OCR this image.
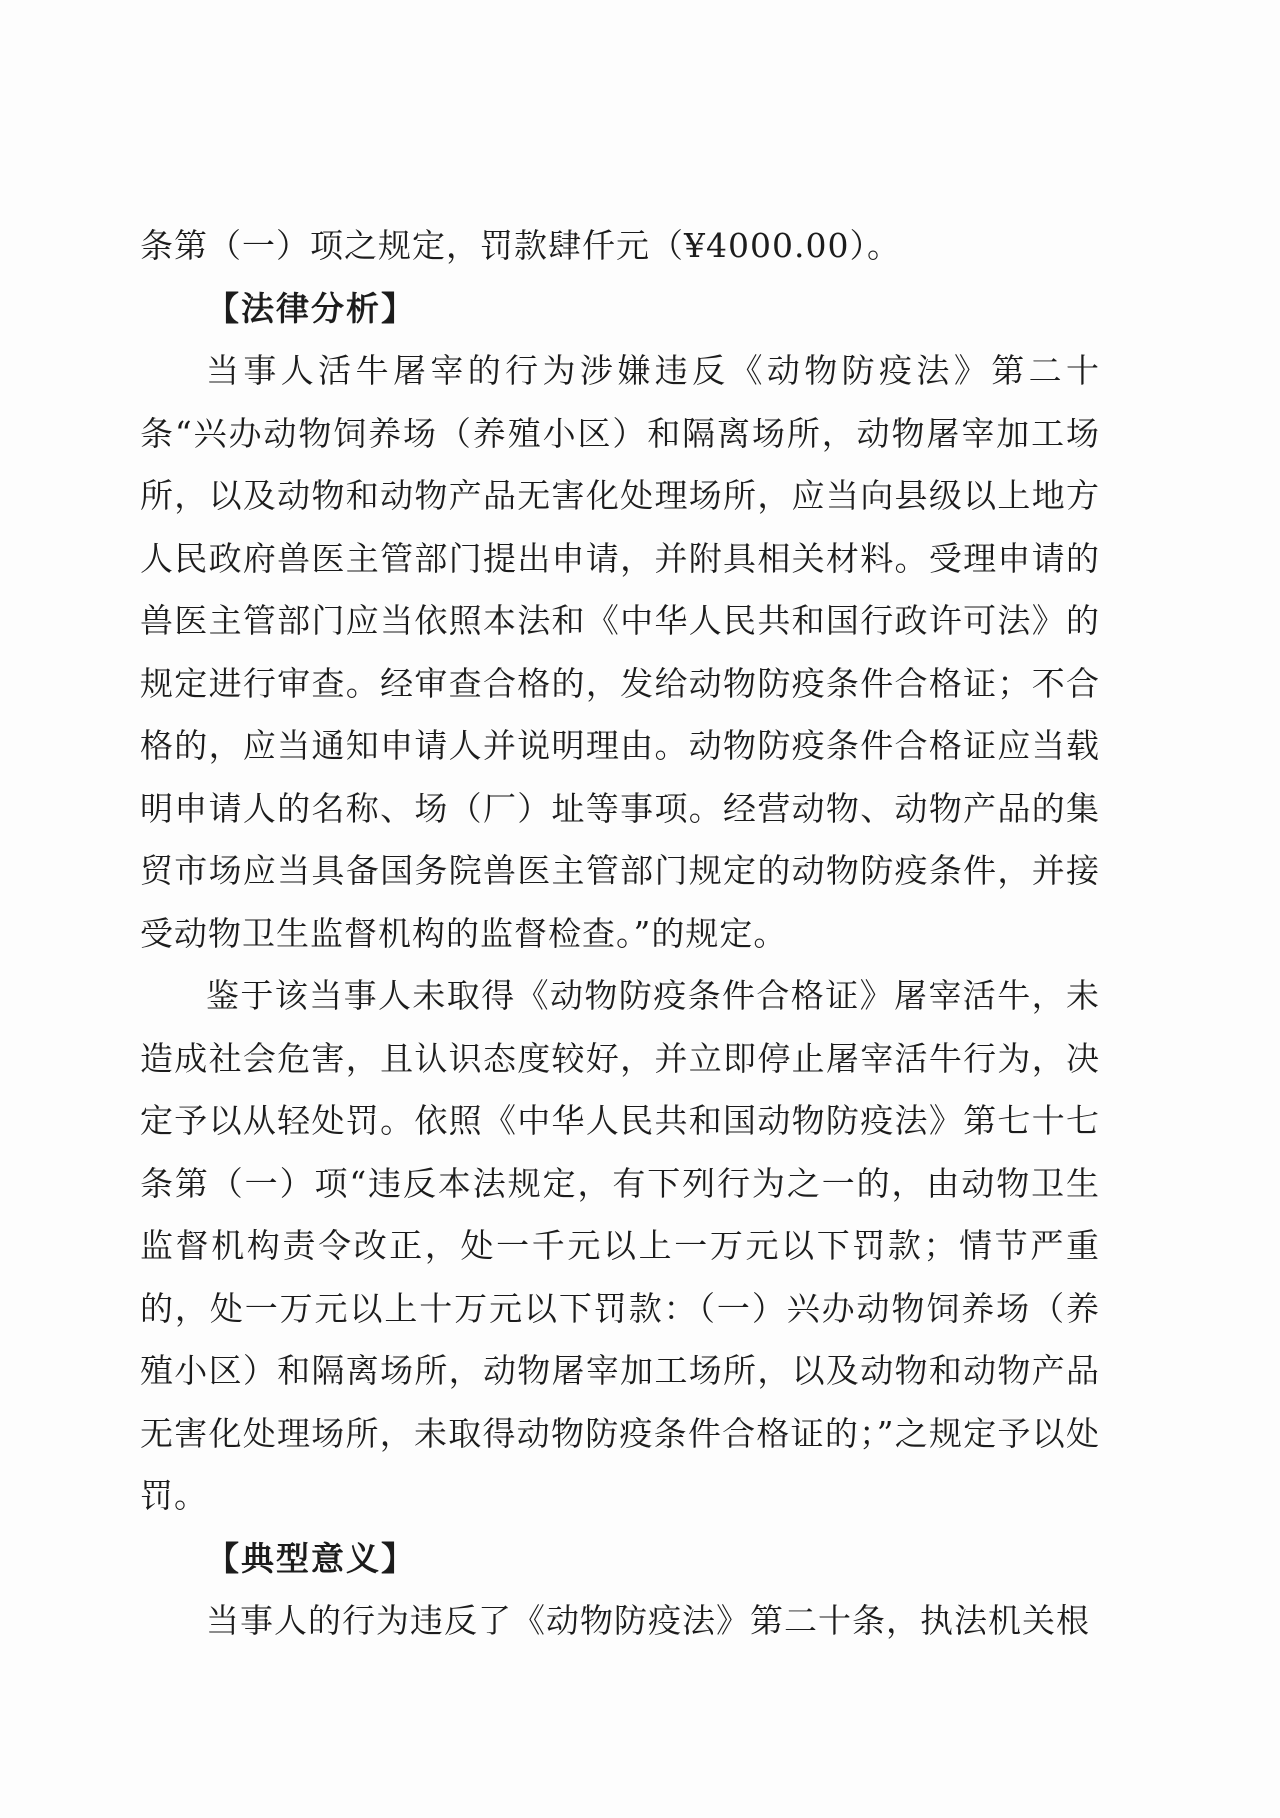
条第（一）项之规定，罚款肆仟元（¥4000.00）。

【法律分析】

当事人活牛屠宰的行为涉嫌违反《动物防疫法》第二十条“兴办动物饲养场（养殖小区）和隔离场所，动物屠宰加工场所，以及动物和动物产品无害化处理场所，应当向县级以上地方人民政府兽医主管部门提出申请，并附具相关材料。受理申请的兽医主管部门应当依照本法和《中华人民共和国行政许可法》的规定进行审查。经审查合格的，发给动物防疫条件合格证；不合格的，应当通知申请人并说明理由。动物防疫条件合格证应当载明申请人的名称、场（厂）址等事项。经营动物、动物产品的集贸市场应当具备国务院兽医主管部门规定的动物防疫条件，并接受动物卫生监督机构的监督检查。”的规定。

鉴于该当事人未取得《动物防疫条件合格证》屠宰活牛，未造成社会危害，且认识态度较好，并立即停止屠宰活牛行为，决定予以从轻处罚。依照《中华人民共和国动物防疫法》第七十七条第（一）项“违反本法规定，有下列行为之一的，由动物卫生监督机构责令改正，处一千元以上一万元以下罚款；情节严重的，处一万元以上十万元以下罚款：（一）兴办动物饲养场（养殖小区）和隔离场所，动物屠宰加工场所，以及动物和动物产品无害化处理场所，未取得动物防疫条件合格证的；”之规定予以处罚。

【典型意义】

当事人的行为违反了《动物防疫法》第二十条，执法机关根
